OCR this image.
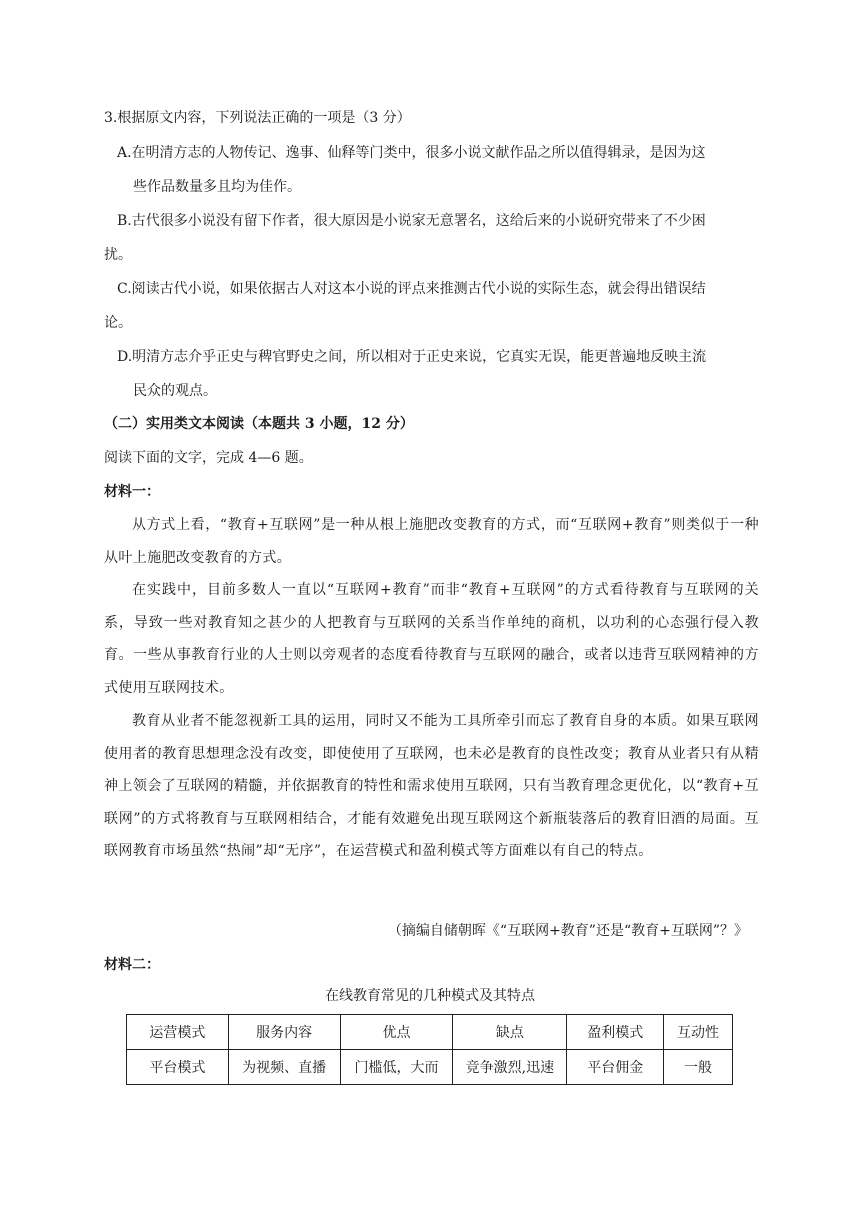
3.根据原文内容，下列说法正确的一项是（3 分）
A.在明清方志的人物传记、逸事、仙释等门类中，很多小说文献作品之所以值得辑录，是因为这
些作品数量多且均为佳作。
B.古代很多小说没有留下作者，很大原因是小说家无意署名，这给后来的小说研究带来了不少困
扰。
C.阅读古代小说，如果依据古人对这本小说的评点来推测古代小说的实际生态，就会得出错误结
论。
D.明清方志介乎正史与稗官野史之间，所以相对于正史来说，它真实无误，能更普遍地反映主流
民众的观点。
（二）实用类文本阅读（本题共 3 小题，12 分）
阅读下面的文字，完成 4—6 题。
材料一：
从方式上看，“教育+互联网”是一种从根上施肥改变教育的方式，而“互联网+教育”则类似于一种从叶上施肥改变教育的方式。
在实践中，目前多数人一直以“互联网+教育”而非“教育+互联网”的方式看待教育与互联网的关系，导致一些对教育知之甚少的人把教育与互联网的关系当作单纯的商机，以功利的心态强行侵入教育。一些从事教育行业的人士则以旁观者的态度看待教育与互联网的融合，或者以违背互联网精神的方式使用互联网技术。
教育从业者不能忽视新工具的运用，同时又不能为工具所牵引而忘了教育自身的本质。如果互联网使用者的教育思想理念没有改变，即使使用了互联网，也未必是教育的良性改变；教育从业者只有从精神上领会了互联网的精髓，并依据教育的特性和需求使用互联网，只有当教育理念更优化，以“教育+互联网”的方式将教育与互联网相结合，才能有效避免出现互联网这个新瓶装落后的教育旧酒的局面。互联网教育市场虽然“热闹”却“无序”，在运营模式和盈利模式等方面难以有自己的特点。
（摘编自储朝晖《“互联网+教育”还是“教育+互联网”？》
材料二：
在线教育常见的几种模式及其特点
运营模式	服务内容	优点	缺点	盈利模式	互动性
平台模式	为视频、直播	门槛低，大而	竞争激烈,迅速	平台佣金	一般
